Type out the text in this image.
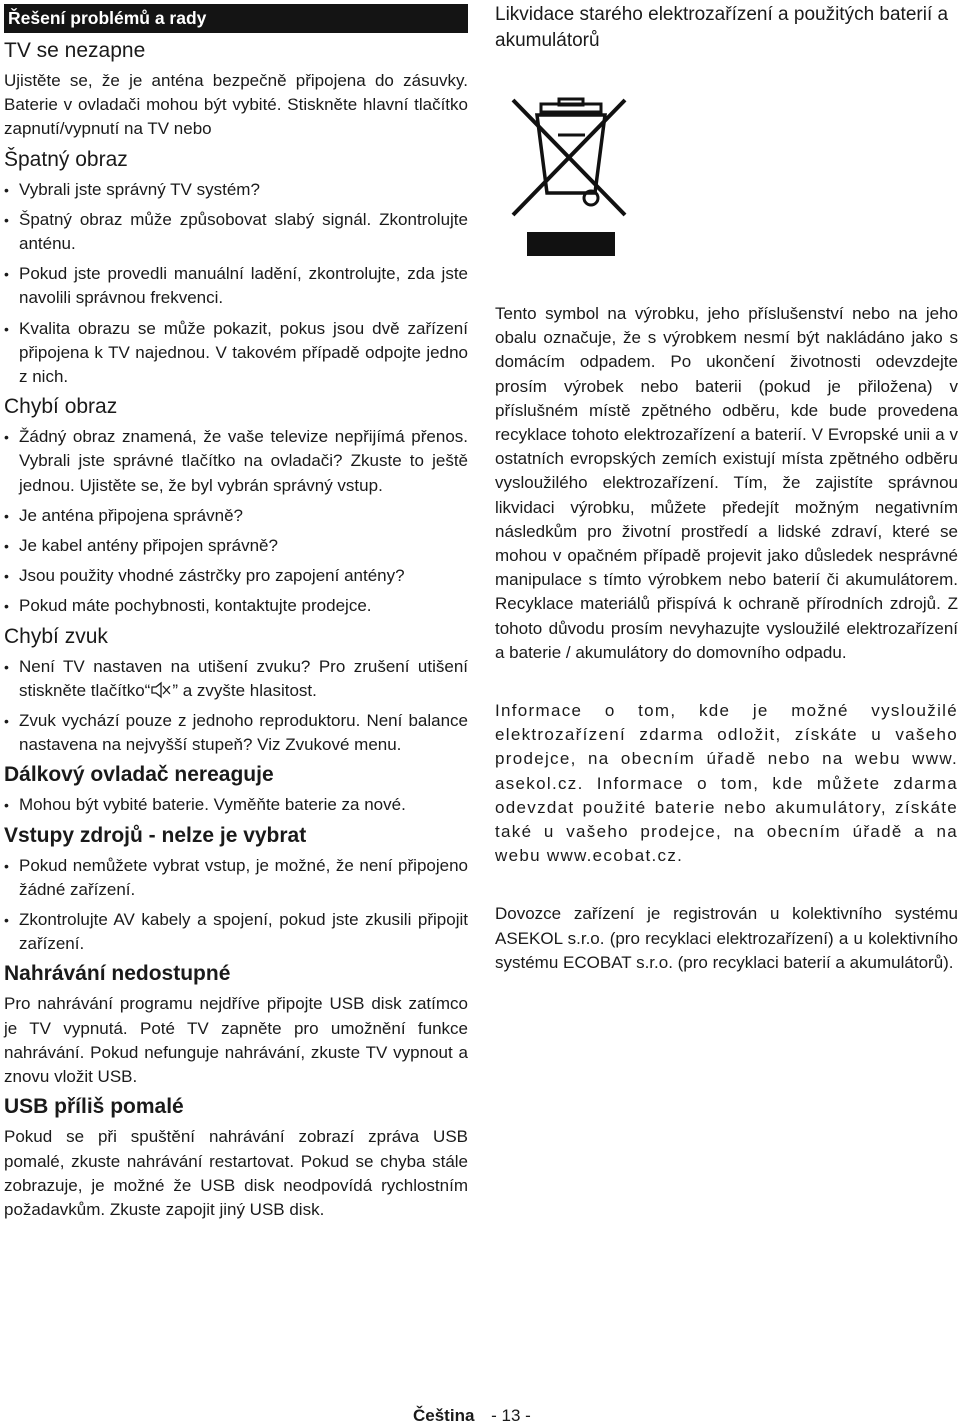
Řešení problémů a rady
TV se nezapne

Ujistěte se, že je anténa bezpečně připojena do zásuvky. Baterie v ovladači mohou být vybité. Stiskněte hlavní tlačítko zapnutí/vypnutí na TV nebo

Špatný obraz
• Vybrali jste správný TV systém?
• Špatný obraz může způsobovat slabý signál. Zkontrolujte anténu.
• Pokud jste provedli manuální ladění, zkontrolujte, zda jste navolili správnou frekvenci.
• Kvalita obrazu se může pokazit, pokus jsou dvě zařízení připojena k TV najednou. V takovém případě odpojte jedno z nich.
Chybí obraz
• Žádný obraz znamená, že vaše televize nepřijímá přenos. Vybrali jste správné tlačítko na ovladači? Zkuste to ještě jednou. Ujistěte se, že byl vybrán správný vstup.
• Je anténa připojena správně?
• Je kabel antény připojen správně?
• Jsou použity vhodné zástrčky pro zapojení antény?
• Pokud máte pochybnosti, kontaktujte prodejce.
Chybí zvuk
• Není TV nastaven na utišení zvuku? Pro zrušení utišení stiskněte tlačítko“ ” a zvyšte hlasitost.
• Zvuk vychází pouze z jednoho reproduktoru. Není balance nastavena na nejvyšší stupeň? Viz Zvukové menu.
Dálkový ovladač nereaguje
• Mohou být vybité baterie. Vyměňte baterie za nové.
Vstupy zdrojů - nelze je vybrat
• Pokud nemůžete vybrat vstup, je možné, že není připojeno žádné zařízení.
• Zkontrolujte AV kabely a spojení, pokud jste zkusili připojit zařízení.
Nahrávání nedostupné

Pro nahrávání programu nejdříve připojte USB disk zatímco je TV vypnutá. Poté TV zapněte pro umožnění funkce nahrávání. Pokud nefunguje nahrávání, zkuste TV vypnout a znovu vložit USB.

USB příliš pomalé

Pokud se při spuštění nahrávání zobrazí zpráva USB pomalé, zkuste nahrávání restartovat. Pokud se chyba stále zobrazuje, je možné že USB disk neodpovídá rychlostním požadavkům. Zkuste zapojit jiný USB disk.

Likvidace starého elektrozařízení a použitých baterií a akumulátorů

Tento symbol na výrobku, jeho příslušenství nebo na jeho obalu označuje, že s výrobkem nesmí být nakládáno jako s domácím odpadem. Po ukončení životnosti odevzdejte prosím výrobek nebo baterii (pokud je přiložena) v příslušném místě zpětného odběru, kde bude provedena recyklace tohoto elektrozařízení a baterií. V Evropské unii a v ostatních evropských zemích existují místa zpětného odběru vysloužilého elektrozařízení. Tím, že zajistíte správnou likvidaci výrobku, můžete předejít možným negativním následkům pro životní prostředí a lidské zdraví, které se mohou v opačném případě projevit jako důsledek nesprávné manipulace s tímto výrobkem nebo baterií či akumulátorem. Recyklace materiálů přispívá k ochraně přírodních zdrojů. Z tohoto důvodu prosím nevyhazujte vysloužilé elektrozařízení a baterie / akumulátory do domovního odpadu.

Informace o tom, kde je možné vysloužilé elektrozařízení zdarma odložit, získáte u vašeho prodejce, na obecním úřadě nebo na webu www. asekol.cz. Informace o tom, kde můžete zdarma odevzdat použité baterie nebo akumulátory, získáte také u vašeho prodejce, na obecním úřadě a na webu www.ecobat.cz.

Dovozce zařízení je registrován u kolektivního systému ASEKOL s.r.o. (pro recyklaci elektrozařízení) a u kolektivního systému ECOBAT s.r.o. (pro recyklaci baterií a akumulátorů).

Čeština - 13 -
